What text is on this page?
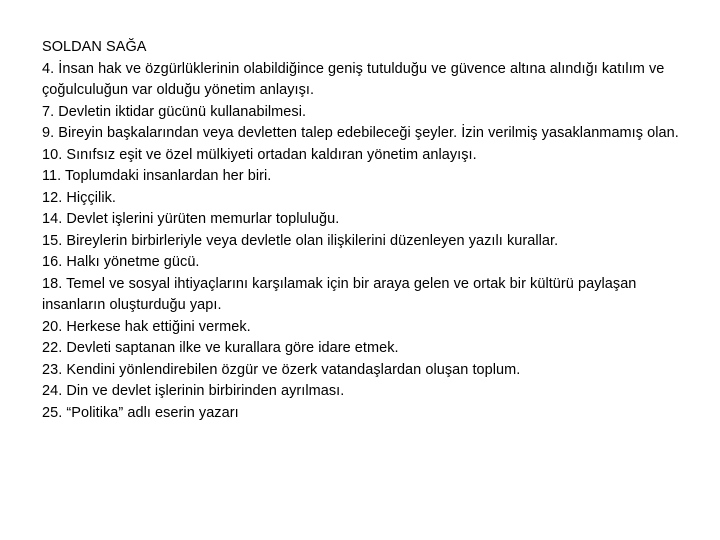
SOLDAN SAĞA
4. İnsan hak ve özgürlüklerinin olabildiğince geniş tutulduğu ve güvence altına alındığı katılım ve çoğulculuğun var olduğu yönetim anlayışı.
7. Devletin iktidar gücünü kullanabilmesi.
9. Bireyin başkalarından veya devletten talep edebileceği şeyler. İzin verilmiş yasaklanmamış olan.
10. Sınıfsız eşit ve özel mülkiyeti ortadan kaldıran yönetim anlayışı.
11. Toplumdaki insanlardan her biri.
12. Hiççilik.
14. Devlet işlerini yürüten memurlar topluluğu.
15. Bireylerin birbirleriyle veya devletle olan ilişkilerini düzenleyen yazılı kurallar.
16. Halkı yönetme gücü.
18. Temel ve sosyal ihtiyaçlarını karşılamak için bir araya gelen ve ortak bir kültürü paylaşan insanların oluşturduğu yapı.
20. Herkese hak ettiğini vermek.
22. Devleti saptanan ilke ve kurallara göre idare etmek.
23. Kendini yönlendirebilen özgür ve özerk vatandaşlardan oluşan toplum.
24. Din ve devlet işlerinin birbirinden ayrılması.
25. “Politika” adlı eserin yazarı
